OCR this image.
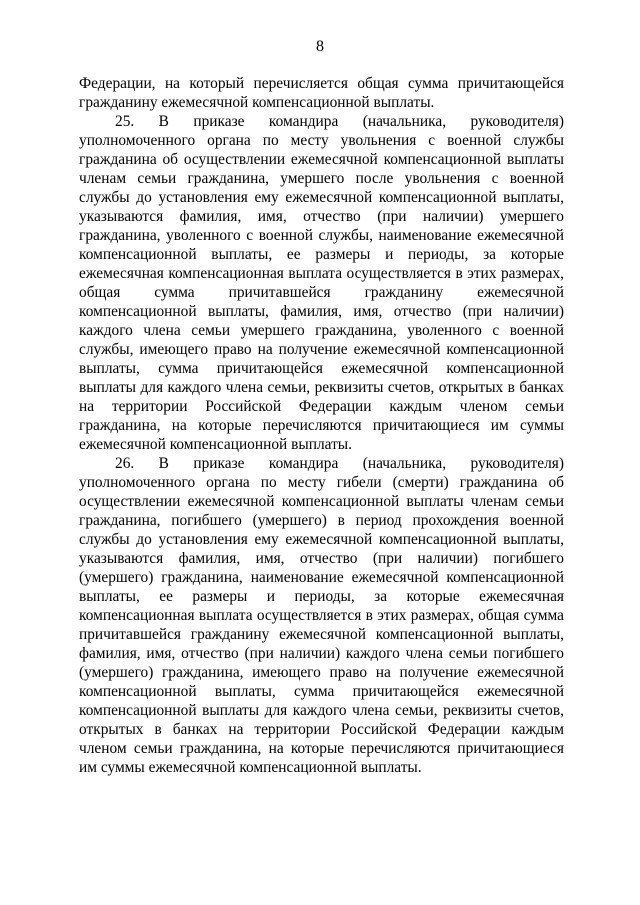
8

Федерации, на который перечисляется общая сумма причитающейся гражданину ежемесячной компенсационной выплаты.

25. В приказе командира (начальника, руководителя) уполномоченного органа по месту увольнения с военной службы гражданина об осуществлении ежемесячной компенсационной выплаты членам семьи гражданина, умершего после увольнения с военной службы до установления ему ежемесячной компенсационной выплаты, указываются фамилия, имя, отчество (при наличии) умершего гражданина, уволенного с военной службы, наименование ежемесячной компенсационной выплаты, ее размеры и периоды, за которые ежемесячная компенсационная выплата осуществляется в этих размерах, общая сумма причитавшейся гражданину ежемесячной компенсационной выплаты, фамилия, имя, отчество (при наличии) каждого члена семьи умершего гражданина, уволенного с военной службы, имеющего право на получение ежемесячной компенсационной выплаты, сумма причитающейся ежемесячной компенсационной выплаты для каждого члена семьи, реквизиты счетов, открытых в банках на территории Российской Федерации каждым членом семьи гражданина, на которые перечисляются причитающиеся им суммы ежемесячной компенсационной выплаты.

26. В приказе командира (начальника, руководителя) уполномоченного органа по месту гибели (смерти) гражданина об осуществлении ежемесячной компенсационной выплаты членам семьи гражданина, погибшего (умершего) в период прохождения военной службы до установления ему ежемесячной компенсационной выплаты, указываются фамилия, имя, отчество (при наличии) погибшего (умершего) гражданина, наименование ежемесячной компенсационной выплаты, ее размеры и периоды, за которые ежемесячная компенсационная выплата осуществляется в этих размерах, общая сумма причитавшейся гражданину ежемесячной компенсационной выплаты, фамилия, имя, отчество (при наличии) каждого члена семьи погибшего (умершего) гражданина, имеющего право на получение ежемесячной компенсационной выплаты, сумма причитающейся ежемесячной компенсационной выплаты для каждого члена семьи, реквизиты счетов, открытых в банках на территории Российской Федерации каждым членом семьи гражданина, на которые перечисляются причитающиеся им суммы ежемесячной компенсационной выплаты.
